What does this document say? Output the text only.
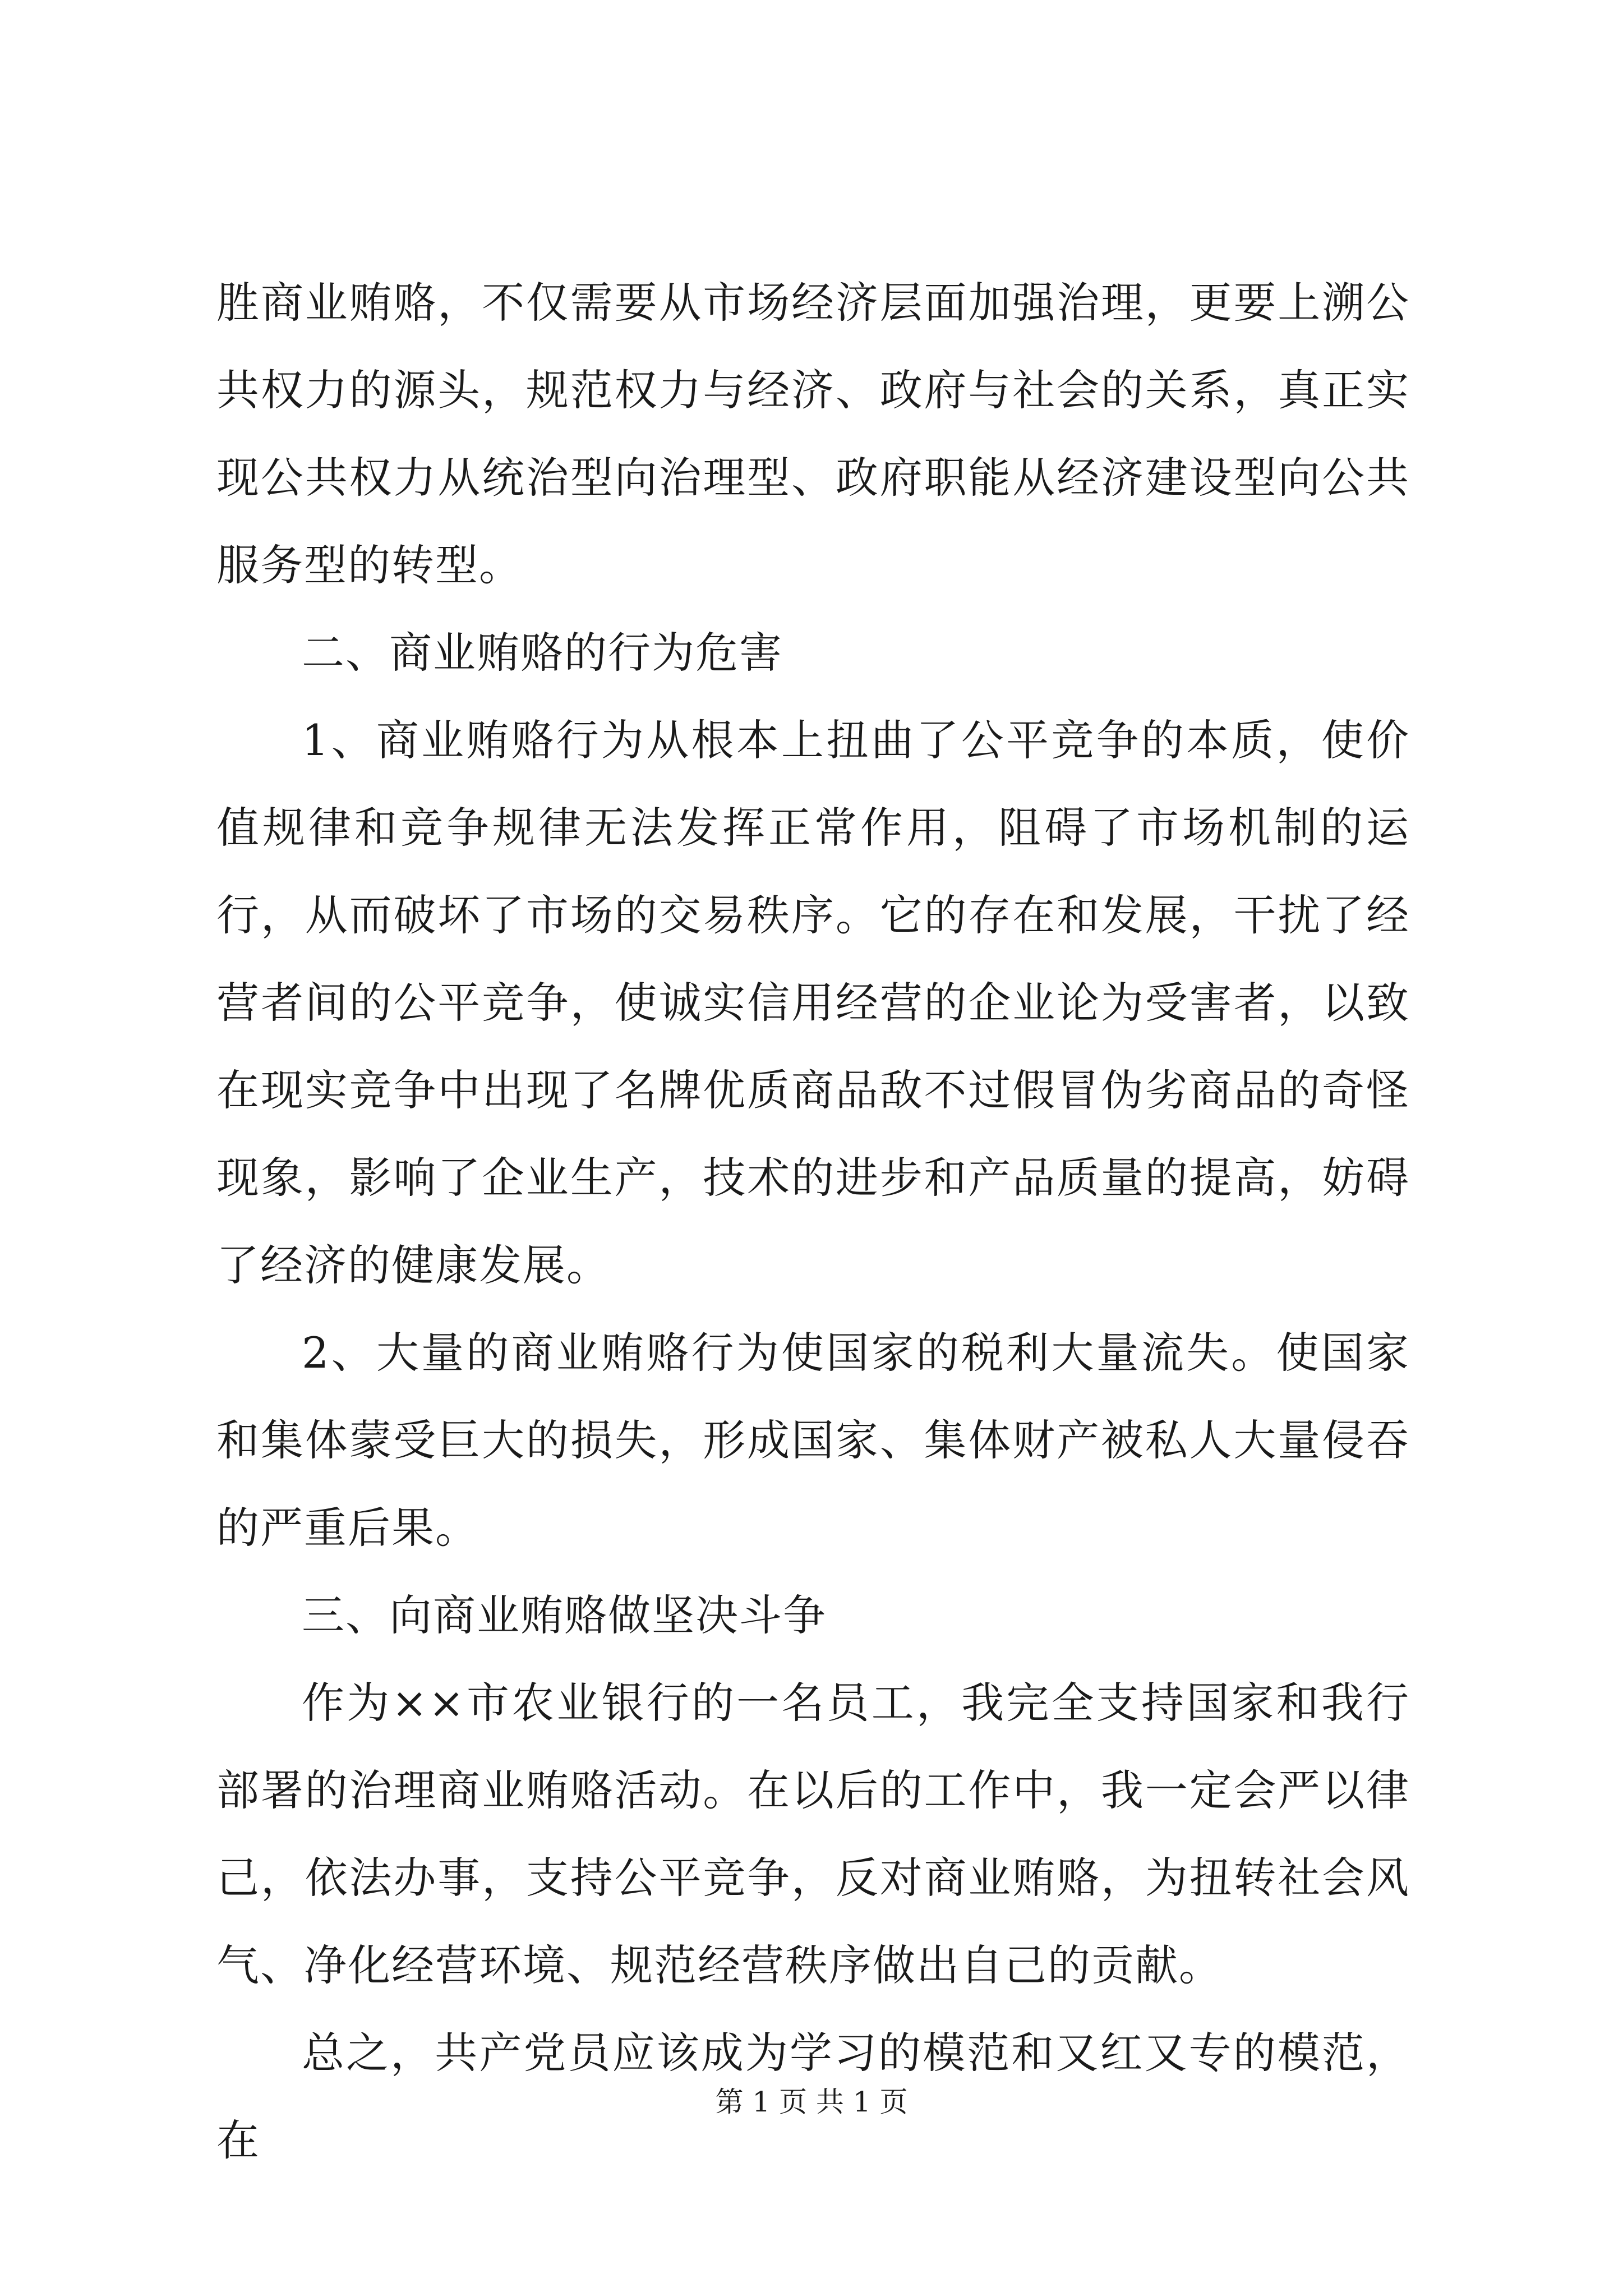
胜商业贿赂，不仅需要从市场经济层面加强治理，更要上溯公共权力的源头，规范权力与经济、政府与社会的关系，真正实现公共权力从统治型向治理型、政府职能从经济建设型向公共服务型的转型。

二、商业贿赂的行为危害

1、商业贿赂行为从根本上扭曲了公平竞争的本质，使价值规律和竞争规律无法发挥正常作用，阻碍了市场机制的运行，从而破坏了市场的交易秩序。它的存在和发展，干扰了经营者间的公平竞争，使诚实信用经营的企业论为受害者，以致在现实竞争中出现了名牌优质商品敌不过假冒伪劣商品的奇怪现象，影响了企业生产，技术的进步和产品质量的提高，妨碍了经济的健康发展。

2、大量的商业贿赂行为使国家的税利大量流失。使国家和集体蒙受巨大的损失，形成国家、集体财产被私人大量侵吞的严重后果。

三、向商业贿赂做坚决斗争

作为××市农业银行的一名员工，我完全支持国家和我行部署的治理商业贿赂活动。在以后的工作中，我一定会严以律己，依法办事，支持公平竞争，反对商业贿赂，为扭转社会风气、净化经营环境、规范经营秩序做出自己的贡献。

总之，共产党员应该成为学习的模范和又红又专的模范，在

第 1 页 共 1 页
